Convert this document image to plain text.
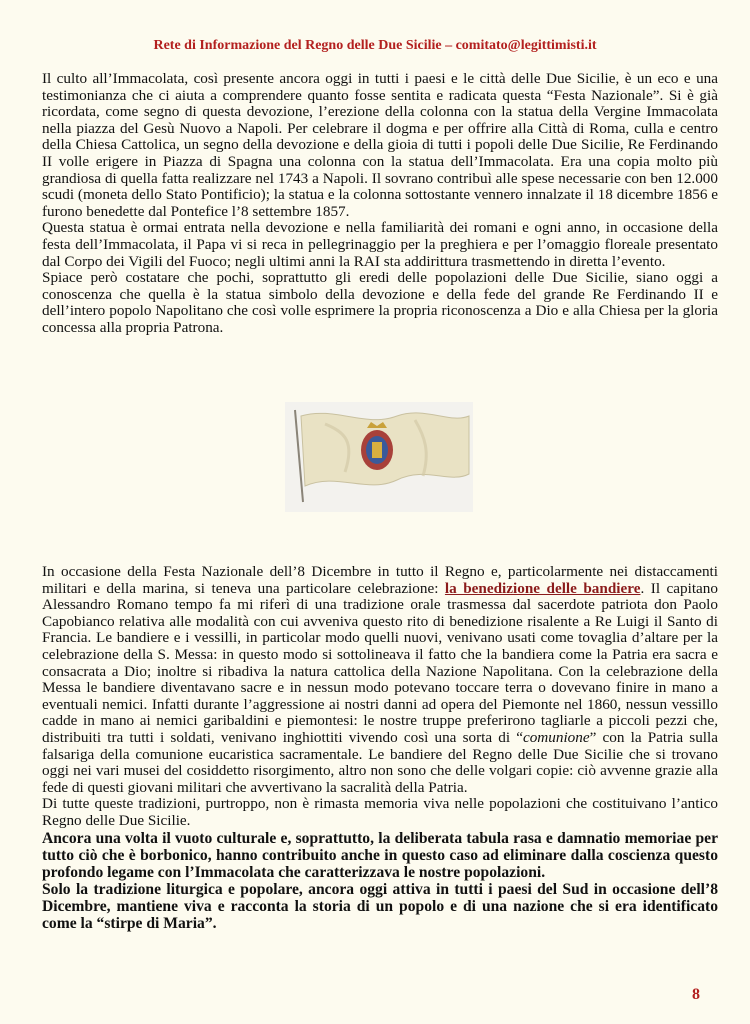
Rete di Informazione del Regno delle Due Sicilie – comitato@legittimisti.it

Il culto all’Immacolata, così presente ancora oggi in tutti i paesi e le città delle Due Sicilie, è un eco e una testimonianza che ci aiuta a comprendere quanto fosse sentita e radicata questa “Festa Nazionale”. Si è già ricordata, come segno di questa devozione, l’erezione della colonna con la statua della Vergine Immacolata nella piazza del Gesù Nuovo a Napoli. Per celebrare il dogma e per offrire alla Città di Roma, culla e centro della Chiesa Cattolica, un segno della devozione e della gioia di tutti i popoli delle Due Sicilie, Re Ferdinando II volle erigere in Piazza di Spagna una colonna con la statua dell’Immacolata. Era una copia molto più grandiosa di quella fatta realizzare nel 1743 a Napoli. Il sovrano contribuì alle spese necessarie con ben 12.000 scudi (moneta dello Stato Pontificio); la statua e la colonna sottostante vennero innalzate il 18 dicembre 1856 e furono benedette dal Pontefice l’8 settembre 1857.

Questa statua è ormai entrata nella devozione e nella familiarità dei romani e ogni anno, in occasione della festa dell’Immacolata, il Papa vi si reca in pellegrinaggio per la preghiera e per l’omaggio floreale presentato dal Corpo dei Vigili del Fuoco; negli ultimi anni la RAI sta addirittura trasmettendo in diretta l’evento.

Spiace però costatare che pochi, soprattutto gli eredi delle popolazioni delle Due Sicilie, siano oggi a conoscenza che quella è la statua simbolo della devozione e della fede del grande Re Ferdinando II e dell’intero popolo Napolitano che così volle esprimere la propria riconoscenza a Dio e alla Chiesa per la gloria concessa alla propria Patrona.

In occasione della Festa Nazionale dell’8 Dicembre in tutto il Regno e, particolarmente nei distaccamenti militari e della marina, si teneva una particolare celebrazione: la benedizione delle bandiere. Il capitano Alessandro Romano tempo fa mi riferì di una tradizione orale trasmessa dal sacerdote patriota don Paolo Capobianco relativa alle modalità con cui avveniva questo rito di benedizione risalente a Re Luigi il Santo di Francia. Le bandiere e i vessilli, in particolar modo quelli nuovi, venivano usati come tovaglia d’altare per la celebrazione della S. Messa: in questo modo si sottolineava il fatto che la bandiera come la Patria era sacra e consacrata a Dio; inoltre si ribadiva la natura cattolica della Nazione Napolitana. Con la celebrazione della Messa le bandiere diventavano sacre e in nessun modo potevano toccare terra o dovevano finire in mano a eventuali nemici. Infatti durante l’aggressione ai nostri danni ad opera del Piemonte nel 1860, nessun vessillo cadde in mano ai nemici garibaldini e piemontesi: le nostre truppe preferirono tagliarle a piccoli pezzi che, distribuiti tra tutti i soldati, venivano inghiottiti vivendo così una sorta di “comunione” con la Patria sulla falsariga della comunione eucaristica sacramentale. Le bandiere del Regno delle Due Sicilie che si trovano oggi nei vari musei del cosiddetto risorgimento, altro non sono che delle volgari copie: ciò avvenne grazie alla fede di questi giovani militari che avvertivano la sacralità della Patria.

Di tutte queste tradizioni, purtroppo, non è rimasta memoria viva nelle popolazioni che costituivano l’antico Regno delle Due Sicilie.

Ancora una volta il vuoto culturale e, soprattutto, la deliberata tabula rasa e damnatio memoriae per tutto ciò che è borbonico, hanno contribuito anche in questo caso ad eliminare dalla coscienza questo profondo legame con l’Immacolata che caratterizzava le nostre popolazioni.

Solo la tradizione liturgica e popolare, ancora oggi attiva in tutti i paesi del Sud in occasione dell’8 Dicembre, mantiene viva e racconta la storia di un popolo e di una nazione che si era identificato come la “stirpe di Maria”.

8
